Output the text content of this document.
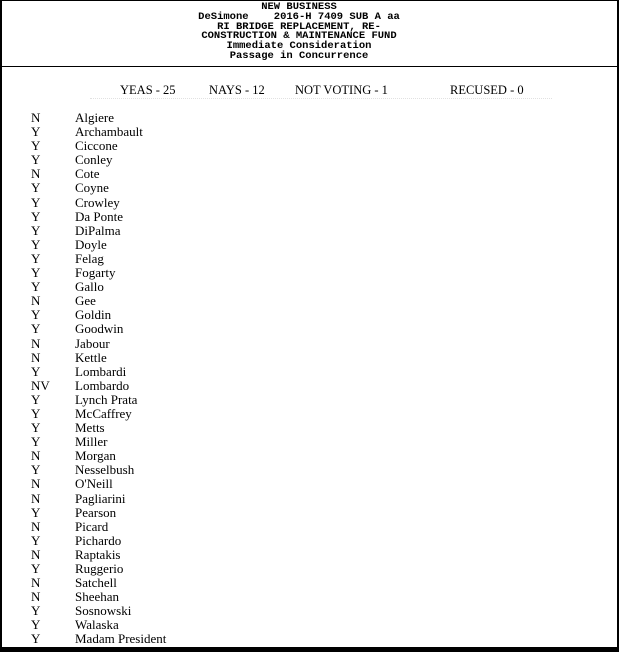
NEW BUSINESS
DeSimone    2016-H 7409 SUB A aa
RI BRIDGE REPLACEMENT, RE-
CONSTRUCTION & MAINTENANCE FUND
Immediate Consideration
Passage in Concurrence
YEAS - 25	NAYS - 12 NOT VOTING - 1	RECUSED - 0
N	Algiere
Y	Archambault
Y	Ciccone
Y	Conley
N	Cote
Y	Coyne
Y	Crowley
Y	Da Ponte
Y	DiPalma
Y	Doyle
Y	Felag
Y	Fogarty
Y	Gallo
N	Gee
Y	Goldin
Y	Goodwin
N	Jabour
N	Kettle
Y	Lombardi
NV Lombardo
Y	Lynch Prata
Y	McCaffrey
Y	Metts
Y	Miller
N	Morgan
Y	Nesselbush
N	O'Neill
N	Pagliarini
Y	Pearson
N	Picard
Y	Pichardo
N	Raptakis
Y	Ruggerio
N	Satchell
N	Sheehan
Y	Sosnowski
Y	Walaska
Y	Madam President
